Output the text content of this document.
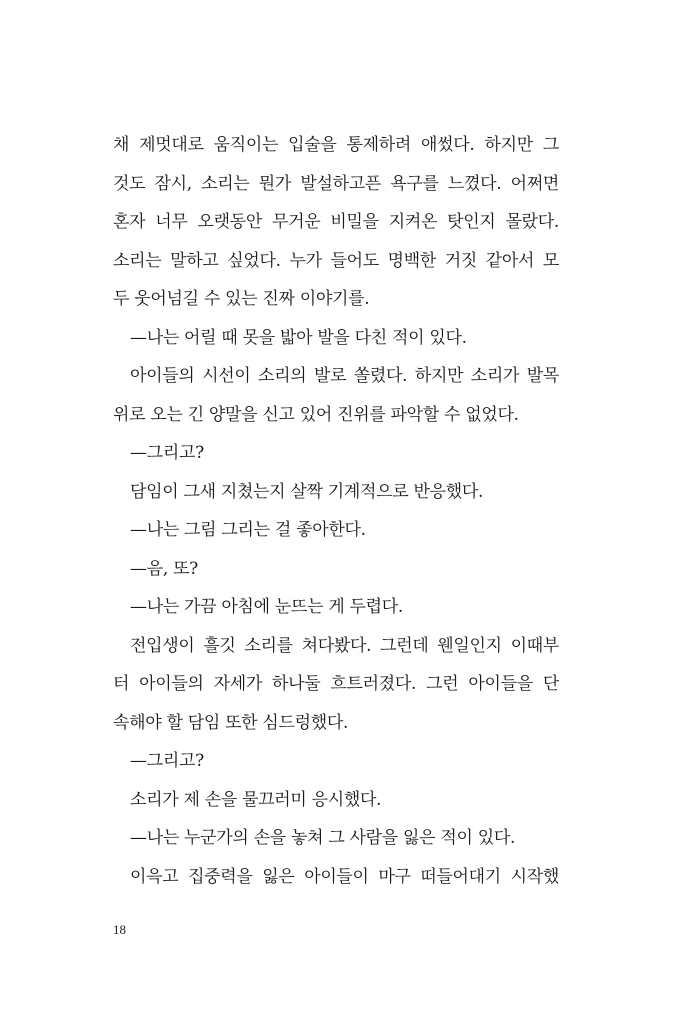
채 제멋대로 움직이는 입술을 통제하려 애썼다. 하지만 그
것도 잠시, 소리는 뭔가 발설하고픈 욕구를 느꼈다. 어쩌면
혼자 너무 오랫동안 무거운 비밀을 지켜온 탓인지 몰랐다.
소리는 말하고 싶었다. 누가 들어도 명백한 거짓 같아서 모
두 웃어넘길 수 있는 진짜 이야기를.
—나는 어릴 때 못을 밟아 발을 다친 적이 있다.
아이들의 시선이 소리의 발로 쏠렸다. 하지만 소리가 발목
위로 오는 긴 양말을 신고 있어 진위를 파악할 수 없었다.
—그리고?
담임이 그새 지쳤는지 살짝 기계적으로 반응했다.
—나는 그림 그리는 걸 좋아한다.
—음, 또?
—나는 가끔 아침에 눈뜨는 게 두렵다.
전입생이 흘깃 소리를 쳐다봤다. 그런데 웬일인지 이때부
터 아이들의 자세가 하나둘 흐트러졌다. 그런 아이들을 단
속해야 할 담임 또한 심드렁했다.
—그리고?
소리가 제 손을 물끄러미 응시했다.
—나는 누군가의 손을 놓쳐 그 사람을 잃은 적이 있다.
이윽고 집중력을 잃은 아이들이 마구 떠들어대기 시작했
18
